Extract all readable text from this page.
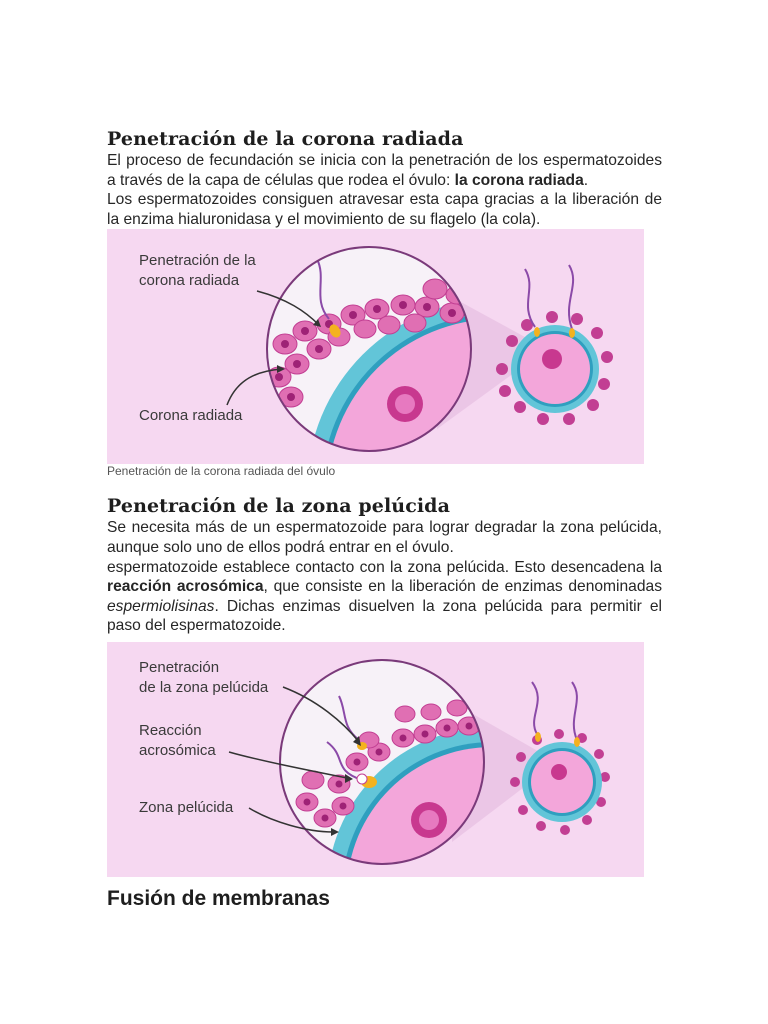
Penetración de la corona radiada

El proceso de fecundación se inicia con la penetración de los espermatozoides a través de la capa de células que rodea el óvulo: la corona radiada.

Los espermatozoides consiguen atravesar esta capa gracias a la liberación de la enzima hialuronidasa y el movimiento de su flagelo (la cola).

Penetración de la
corona radiada
Corona radiada

Penetración de la corona radiada del óvulo

Penetración de la zona pelúcida

Se necesita más de un espermatozoide para lograr degradar la zona pelúcida, aunque solo uno de ellos podrá entrar en el óvulo.

espermatozoide establece contacto con la zona pelúcida. Esto desencadena la reacción acrosómica, que consiste en la liberación de enzimas denominadas espermiolisinas. Dichas enzimas disuelven la zona pelúcida para permitir el paso del espermatozoide.

Penetración
de la zona pelúcida
Reacción
acrosómica
Zona pelúcida
Fusión de membranas
